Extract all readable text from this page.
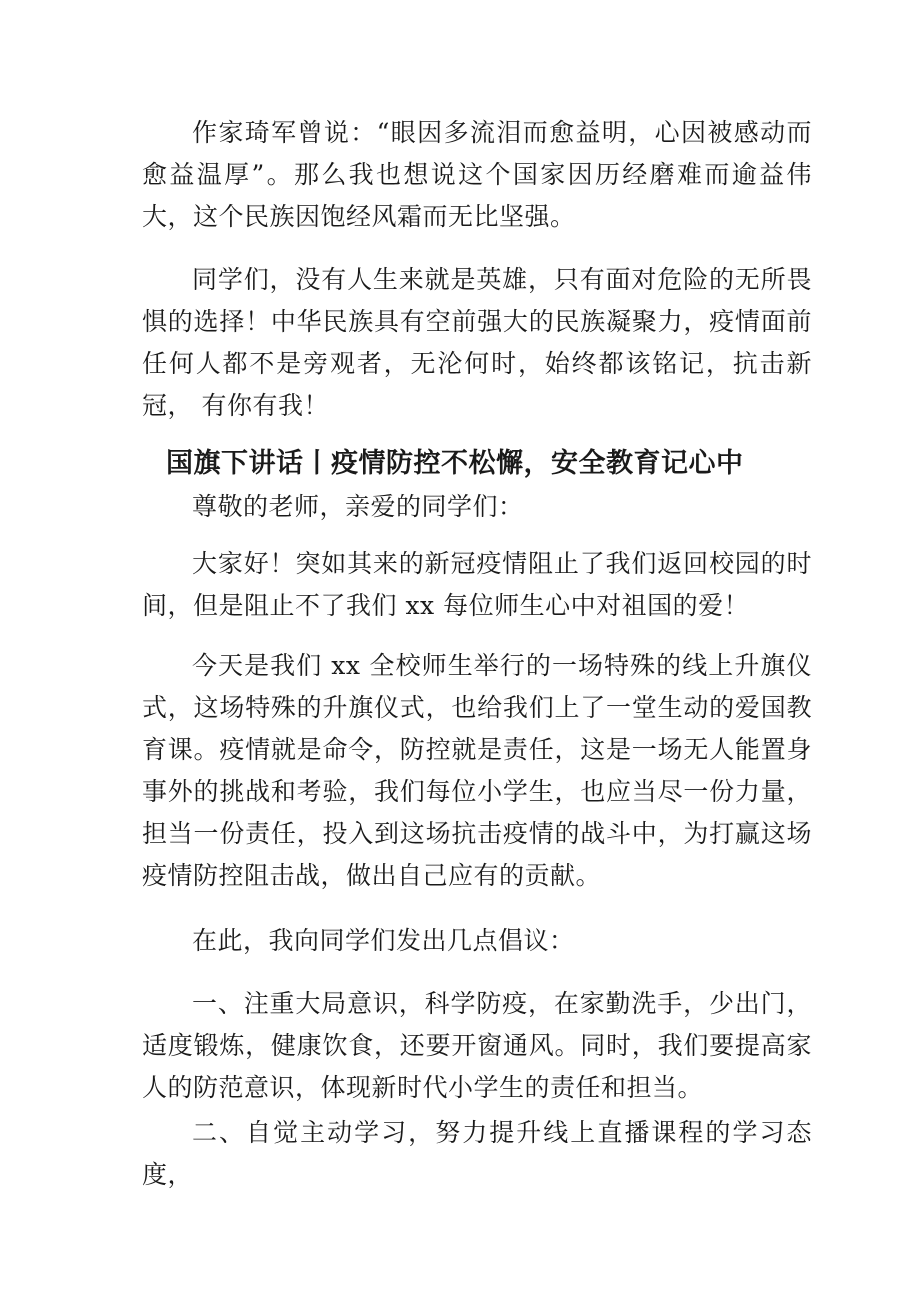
作家琦军曾说：“眼因多流泪而愈益明，心因被感动而愈益温厚”。那么我也想说这个国家因历经磨难而逾益伟 大，这个民族因饱经风霜而无比坚强。

同学们，没有人生来就是英雄，只有面对危险的无所畏 惧的选择！中华民族具有空前强大的民族凝聚力，疫情面前 任何人都不是旁观者，无沦何时，始终都该铭记，抗击新冠， 有你有我！

国旗下讲话丨疫情防控不松懈，安全教育记心中

尊敬的老师，亲爱的同学们：

大家好！突如其来的新冠疫情阻止了我们返回校园的时间，但是阻止不了我们 xx 每位师生心中对祖国的爱！

今天是我们 xx 全校师生举行的一场特殊的线上升旗仪式，这场特殊的升旗仪式，也给我们上了一堂生动的爱国教育课。疫情就是命令，防控就是责任，这是一场无人能置身事外的挑战和考验，我们每位小学生，也应当尽一份力量，担当一份责任，投入到这场抗击疫情的战斗中，为打赢这场疫情防控阻击战，做出自己应有的贡献。

在此，我向同学们发出几点倡议：

一、注重大局意识，科学防疫，在家勤洗手，少出门，适度锻炼，健康饮食，还要开窗通风。同时，我们要提高家人的防范意识，体现新时代小学生的责任和担当。

二、自觉主动学习，努力提升线上直播课程的学习态度，
